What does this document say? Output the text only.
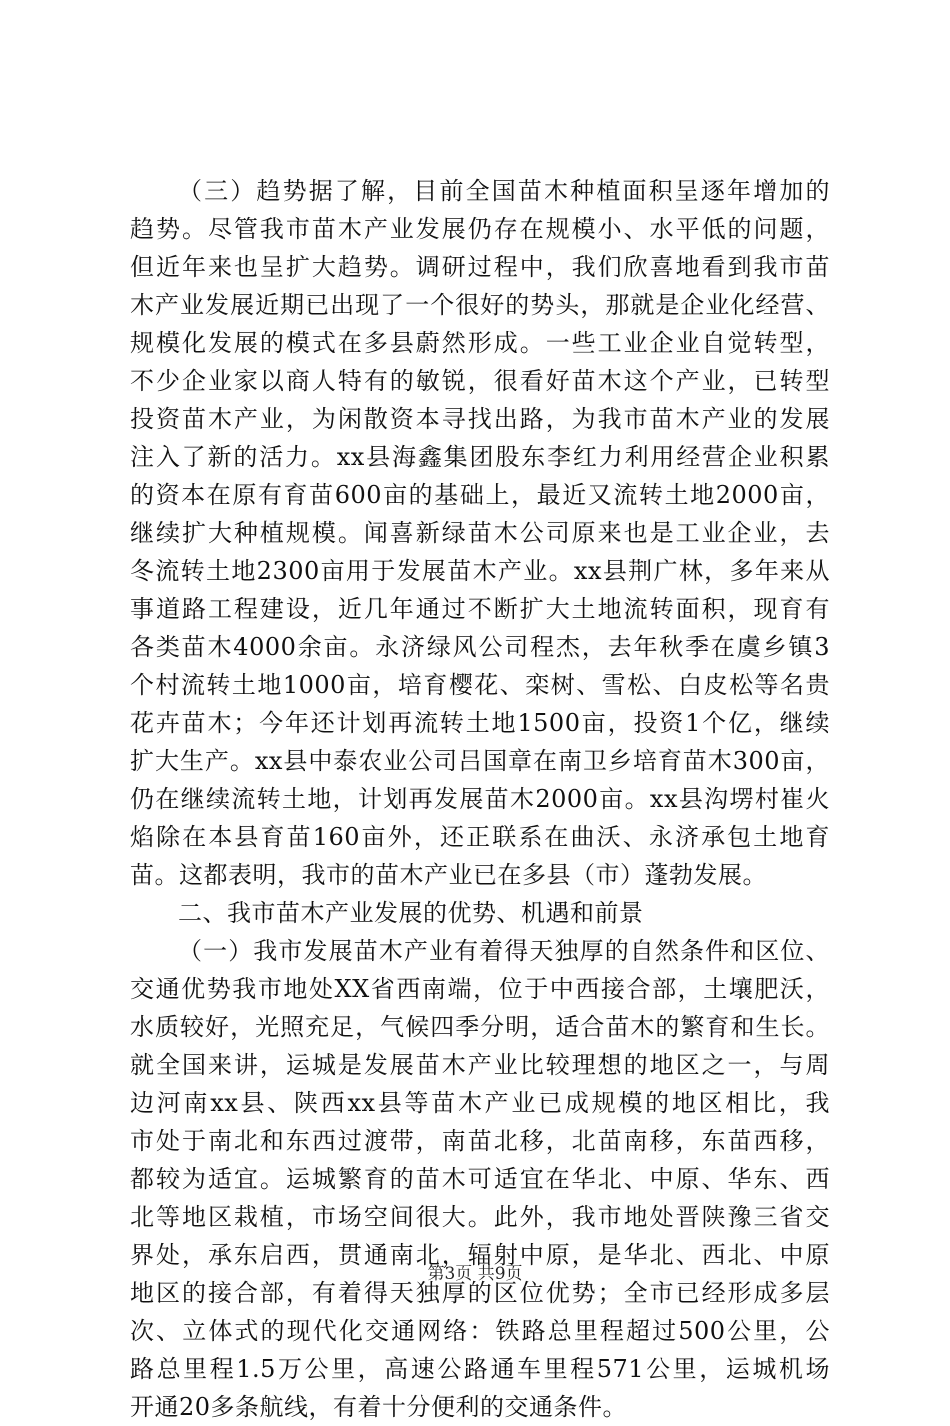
（三）趋势据了解，目前全国苗木种植面积呈逐年增加的
趋势。尽管我市苗木产业发展仍存在规模小、水平低的问题，
但近年来也呈扩大趋势。调研过程中，我们欣喜地看到我市苗
木产业发展近期已出现了一个很好的势头，那就是企业化经营、
规模化发展的模式在多县蔚然形成。一些工业企业自觉转型，
不少企业家以商人特有的敏锐，很看好苗木这个产业，已转型
投资苗木产业，为闲散资本寻找出路，为我市苗木产业的发展
注入了新的活力。xx县海鑫集团股东李红力利用经营企业积累
的资本在原有育苗600亩的基础上，最近又流转土地2000亩，
继续扩大种植规模。闻喜新绿苗木公司原来也是工业企业，去
冬流转土地2300亩用于发展苗木产业。xx县荆广林，多年来从
事道路工程建设，近几年通过不断扩大土地流转面积，现育有
各类苗木4000余亩。永济绿风公司程杰，去年秋季在虞乡镇3
个村流转土地1000亩，培育樱花、栾树、雪松、白皮松等名贵
花卉苗木；今年还计划再流转土地1500亩，投资1个亿，继续
扩大生产。xx县中泰农业公司吕国章在南卫乡培育苗木300亩，
仍在继续流转土地，计划再发展苗木2000亩。xx县沟塄村崔火
焰除在本县育苗160亩外，还正联系在曲沃、永济承包土地育
苗。这都表明，我市的苗木产业已在多县（市）蓬勃发展。
二、我市苗木产业发展的优势、机遇和前景
（一）我市发展苗木产业有着得天独厚的自然条件和区位、
交通优势我市地处XX省西南端，位于中西接合部，土壤肥沃，
水质较好，光照充足，气候四季分明，适合苗木的繁育和生长。
就全国来讲，运城是发展苗木产业比较理想的地区之一，与周
边河南xx县、陕西xx县等苗木产业已成规模的地区相比，我
市处于南北和东西过渡带，南苗北移，北苗南移，东苗西移，
都较为适宜。运城繁育的苗木可适宜在华北、中原、华东、西
北等地区栽植，市场空间很大。此外，我市地处晋陕豫三省交
界处，承东启西，贯通南北，辐射中原，是华北、西北、中原
地区的接合部，有着得天独厚的区位优势；全市已经形成多层
次、立体式的现代化交通网络：铁路总里程超过500公里，公
路总里程1.5万公里，高速公路通车里程571公里，运城机场
开通20多条航线，有着十分便利的交通条件。
第3页 共9页
